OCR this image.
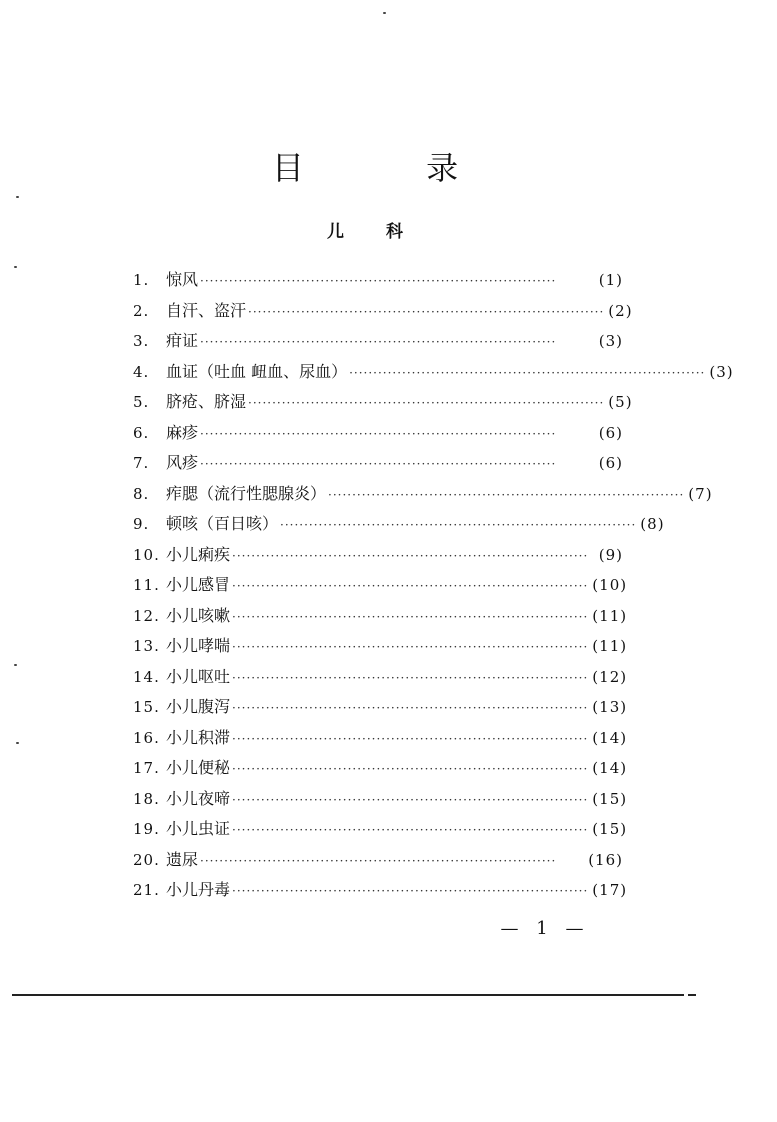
目 录
儿 科
1.	惊风 ··········································································	(1)
2.	自汗、盗汗 ·········································································· (2)
3.	疳证 ··········································································	(3)
4.	血证（吐血 衄血、尿血） ·········································································· (3)
5.	脐疮、脐湿 ·········································································· (5)
6.	麻疹 ··········································································	(6)
7.	风疹 ··········································································	(6)
8.	痄腮（流行性腮腺炎） ·········································································· (7)
9.	顿咳（百日咳） ·········································································· (8)
10. 小儿痢疾 ·········································································· (9)
11. 小儿感冒 ·········································································· (10)
12. 小儿咳嗽 ·········································································· (11)
13. 小儿哮喘 ·········································································· (11)
14. 小儿呕吐 ·········································································· (12)
15. 小儿腹泻 ·········································································· (13)
16. 小儿积滞 ·········································································· (14)
17. 小儿便秘 ·········································································· (14)
18. 小儿夜啼 ·········································································· (15)
19. 小儿虫证 ·········································································· (15)
20. 遗尿 ··········································································	(16)
21. 小儿丹毒 ·········································································· (17)
— 1 —
